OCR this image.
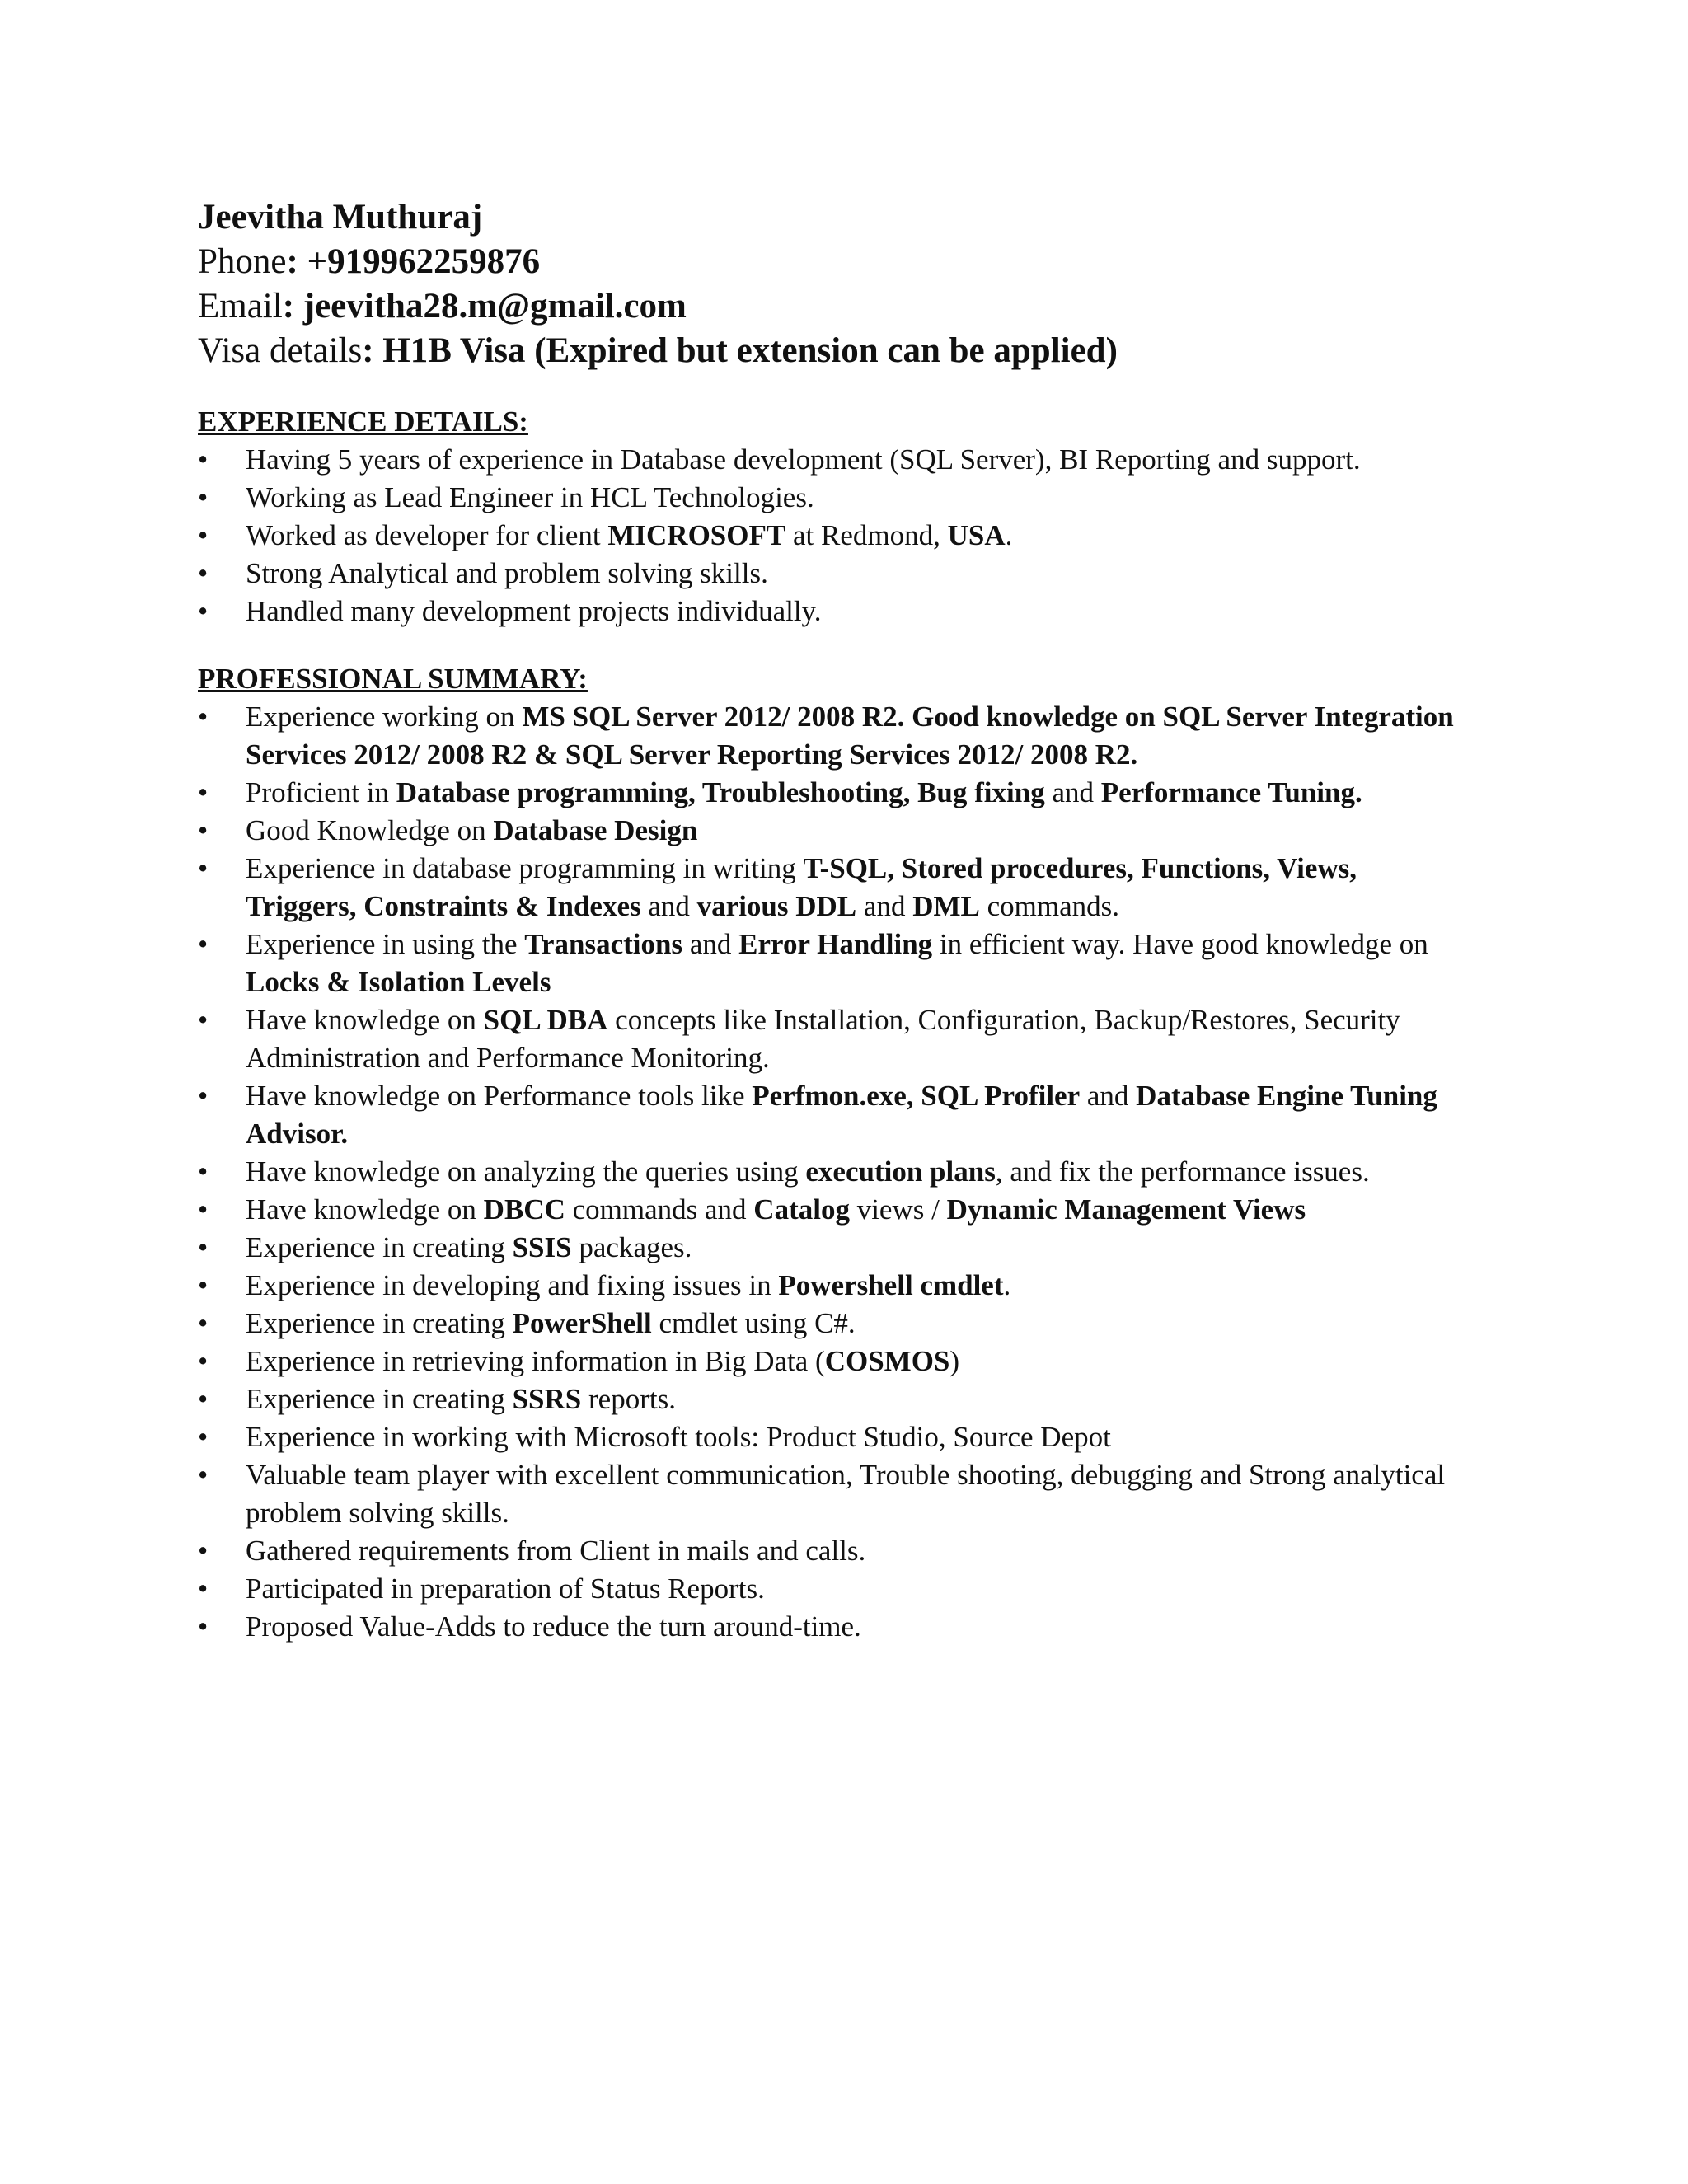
Jeevitha Muthuraj
Phone: +919962259876
Email: jeevitha28.m@gmail.com
Visa details: H1B Visa (Expired but extension can be applied)
EXPERIENCE DETAILS:
•	Having 5 years of experience in Database development (SQL Server), BI Reporting and support.
•	Working as Lead Engineer in HCL Technologies.
•	Worked as developer for client MICROSOFT at Redmond, USA.
•	Strong Analytical and problem solving skills.
•	Handled many development projects individually.
PROFESSIONAL SUMMARY:
•	Experience working on MS SQL Server 2012/ 2008 R2. Good knowledge on SQL Server Integration Services 2012/ 2008 R2 & SQL Server Reporting Services 2012/ 2008 R2.
•	Proficient in Database programming, Troubleshooting, Bug fixing and Performance Tuning.
•	Good Knowledge on Database Design
•	Experience in database programming in writing T-SQL, Stored procedures, Functions, Views, Triggers, Constraints & Indexes and various DDL and DML commands.
•	Experience in using the Transactions and Error Handling in efficient way. Have good knowledge on Locks & Isolation Levels
•	Have knowledge on SQL DBA concepts like Installation, Configuration, Backup/Restores, Security Administration and Performance Monitoring.
•	Have knowledge on Performance tools like Perfmon.exe, SQL Profiler and Database Engine Tuning Advisor.
•	Have knowledge on analyzing the queries using execution plans, and fix the performance issues.
•	Have knowledge on DBCC commands and Catalog views / Dynamic Management Views
•	Experience in creating SSIS packages.
•	Experience in developing and fixing issues in Powershell cmdlet.
•	Experience in creating PowerShell cmdlet using C#.
•	Experience in retrieving information in Big Data (COSMOS)
•	Experience in creating SSRS reports.
•	Experience in working with Microsoft tools: Product Studio, Source Depot
•	Valuable team player with excellent communication, Trouble shooting, debugging and Strong analytical problem solving skills.
•	Gathered requirements from Client in mails and calls.
•	Participated in preparation of Status Reports.
•	Proposed Value-Adds to reduce the turn around-time.
